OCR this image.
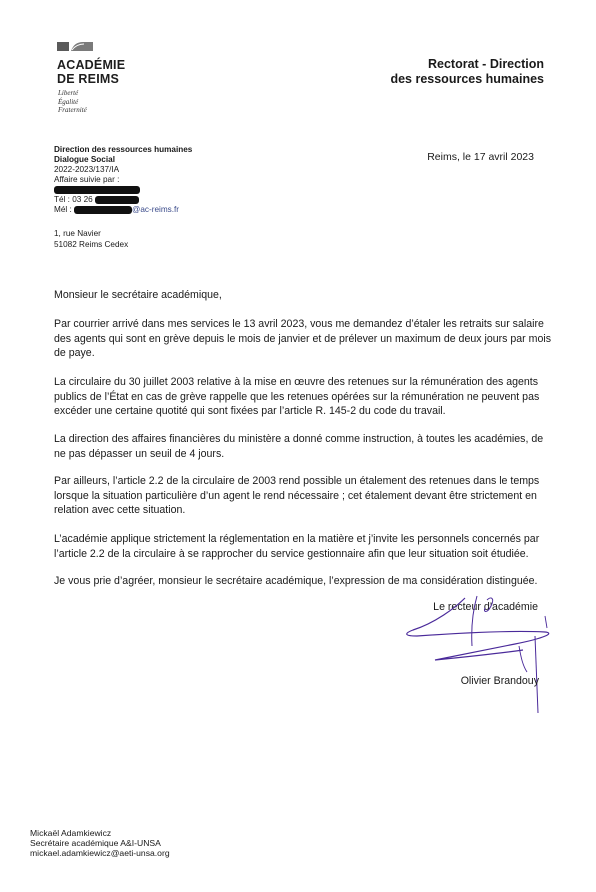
ACADÉMIE
DE REIMS
Liberté
Égalité
Fraternité
Rectorat - Direction
des ressources humaines
Direction des ressources humaines
Dialogue Social
2022-2023/137/IA
Affaire suivie par :
Tél : 03 26
Mél :	@ac-reims.fr
1, rue Navier
51082 Reims Cedex
Reims, le 17 avril 2023
Monsieur le secrétaire académique,
Par courrier arrivé dans mes services le 13 avril 2023, vous me demandez d’étaler les retraits sur salaire des agents qui sont en grève depuis le mois de janvier et de prélever un maximum de deux jours par mois de paye.
La circulaire du 30 juillet 2003 relative à la mise en œuvre des retenues sur la rémunération des agents publics de l’État en cas de grève rappelle que les retenues opérées sur la rémunération ne peuvent pas excéder une certaine quotité qui sont fixées par l’article R. 145-2 du code du travail.
La direction des affaires financières du ministère a donné comme instruction, à toutes les académies, de ne pas dépasser un seuil de 4 jours.
Par ailleurs, l’article 2.2 de la circulaire de 2003 rend possible un étalement des retenues dans le temps lorsque la situation particulière d’un agent le rend nécessaire ; cet étalement devant être strictement en relation avec cette situation.
L’académie applique strictement la réglementation en la matière et j’invite les personnels concernés par l’article 2.2 de la circulaire à se rapprocher du service gestionnaire afin que leur situation soit étudiée.
Je vous prie d’agréer, monsieur le secrétaire académique, l’expression de ma considération distinguée.
Le recteur d’académie
Olivier Brandouy
Mickaël Adamkiewicz
Secrétaire académique A&I-UNSA
mickael.adamkiewicz@aeti-unsa.org
